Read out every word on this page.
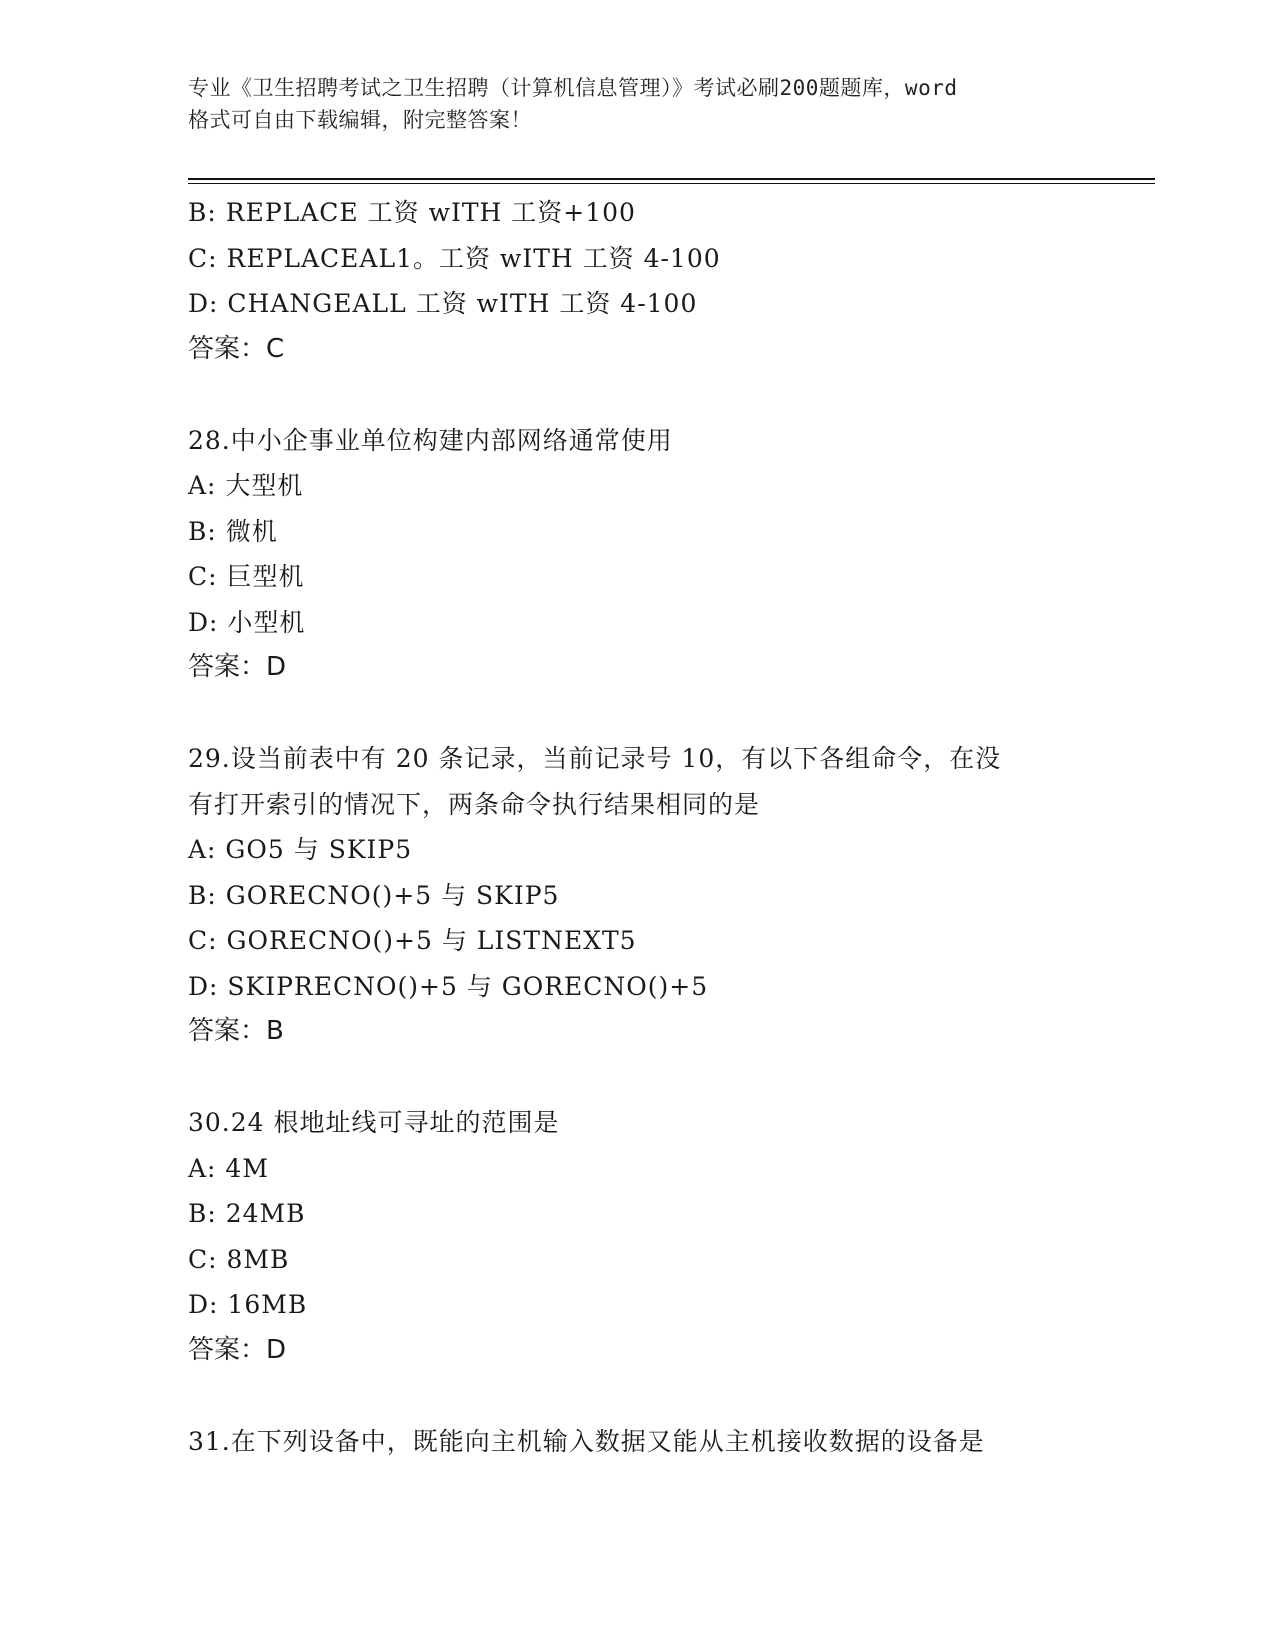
专业《卫生招聘考试之卫生招聘（计算机信息管理）》考试必刷200题题库，word
格式可自由下载编辑，附完整答案！
B: REPLACE 工资 wITH 工资+100
C: REPLACEAL1。工资 wITH 工资 4-100
D: CHANGEALL 工资 wITH 工资 4-100
答案：C
28.中小企事业单位构建内部网络通常使用
A: 大型机
B: 微机
C: 巨型机
D: 小型机
答案：D
29.设当前表中有 20 条记录，当前记录号 10，有以下各组命令，在没
有打开索引的情况下，两条命令执行结果相同的是
A: GO5 与 SKIP5
B: GORECNO()+5 与 SKIP5
C: GORECNO()+5 与 LISTNEXT5
D: SKIPRECNO()+5 与 GORECNO()+5
答案：B
30.24 根地址线可寻址的范围是
A: 4M
B: 24MB
C: 8MB
D: 16MB
答案：D
31.在下列设备中，既能向主机输入数据又能从主机接收数据的设备是
